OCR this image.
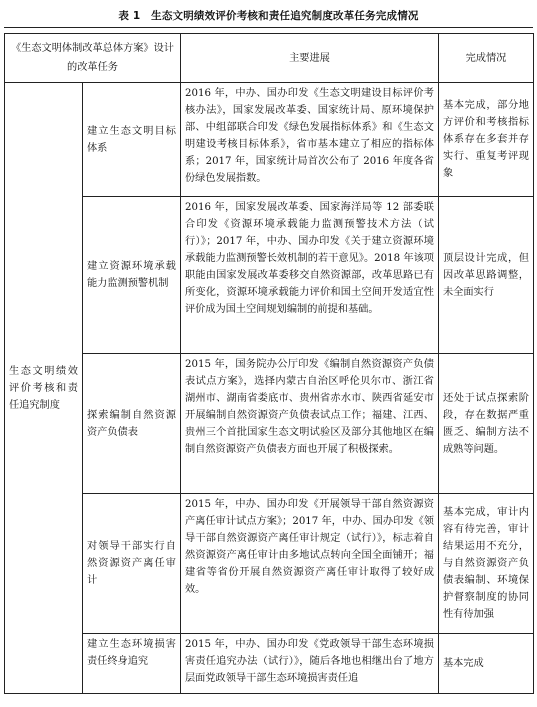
表 1　生态文明绩效评价考核和责任追究制度改革任务完成情况
《生态文明体制改革总体方案》设计的改革任务		主要进展	完成情况
生态文明绩效评价考核和责任追究制度	建立生态文明目标体系	2016 年，中办、国办印发《生态文明建设目标评价考核办法》，国家发展改革委、国家统计局、原环境保护部、中组部联合印发《绿色发展指标体系》和《生态文明建设考核目标体系》，省市基本建立了相应的指标体系；2017 年，国家统计局首次公布了 2016 年度各省份绿色发展指数。	基本完成，部分地方评价和考核指标体系存在多套并存实行、重复考评现象
	建立资源环境承载能力监测预警机制	2016 年，国家发展改革委、国家海洋局等 12 部委联合印发《资源环境承载能力监测预警技术方法（试行）》；2017 年，中办、国办印发《关于建立资源环境承载能力监测预警长效机制的若干意见》。2018 年该项职能由国家发展改革委移交自然资源部，改革思路已有所变化，资源环境承载能力评价和国土空间开发适宜性评价成为国土空间规划编制的前提和基础。	顶层设计完成，但因改革思路调整，未全面实行
	探索编制自然资源资产负债表	2015 年，国务院办公厅印发《编制自然资源资产负债表试点方案》，选择内蒙古自治区呼伦贝尔市、浙江省湖州市、湖南省娄底市、贵州省赤水市、陕西省延安市开展编制自然资源资产负债表试点工作；福建、江西、贵州三个首批国家生态文明试验区及部分其他地区在编制自然资源资产负债表方面也开展了积极探索。	还处于试点探索阶段，存在数据严重匮乏、编制方法不成熟等问题。
	对领导干部实行自然资源资产离任审计	2015 年，中办、国办印发《开展领导干部自然资源资产离任审计试点方案》；2017 年，中办、国办印发《领导干部自然资源资产离任审计规定（试行）》，标志着自然资源资产离任审计由多地试点转向全国全面铺开；福建省等省份开展自然资源资产离任审计取得了较好成效。	基本完成，审计内容有待完善，审计结果运用不充分，与自然资源资产负债表编制、环境保护督察制度的协同性有待加强
	建立生态环境损害责任终身追究	2015 年，中办、国办印发《党政领导干部生态环境损害责任追究办法（试行）》，随后各地也相继出台了地方层面党政领导干部生态环境损害责任追	基本完成
